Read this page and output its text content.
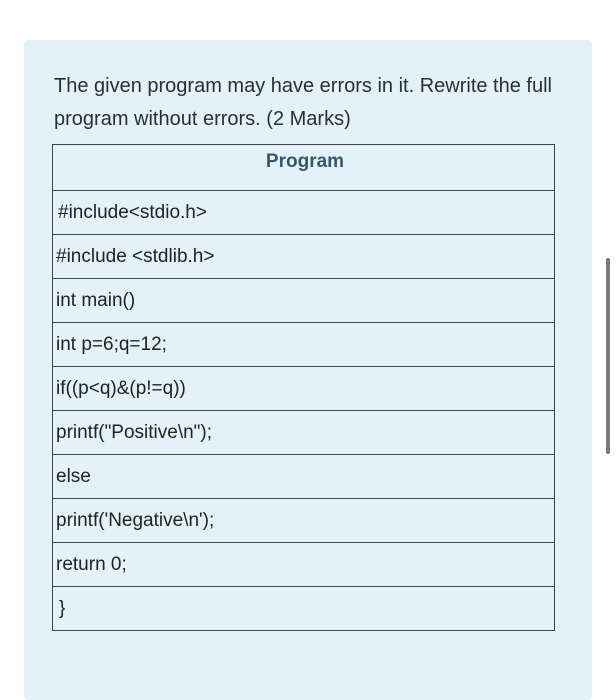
The given program may have errors in it. Rewrite the full program without errors. (2 Marks)

Program
#include<stdio.h>
#include <stdlib.h>
int main()
int p=6;q=12;
if((p<q)&(p!=q))
printf("Positive\n");
else
printf('Negative\n');
return 0;
}
